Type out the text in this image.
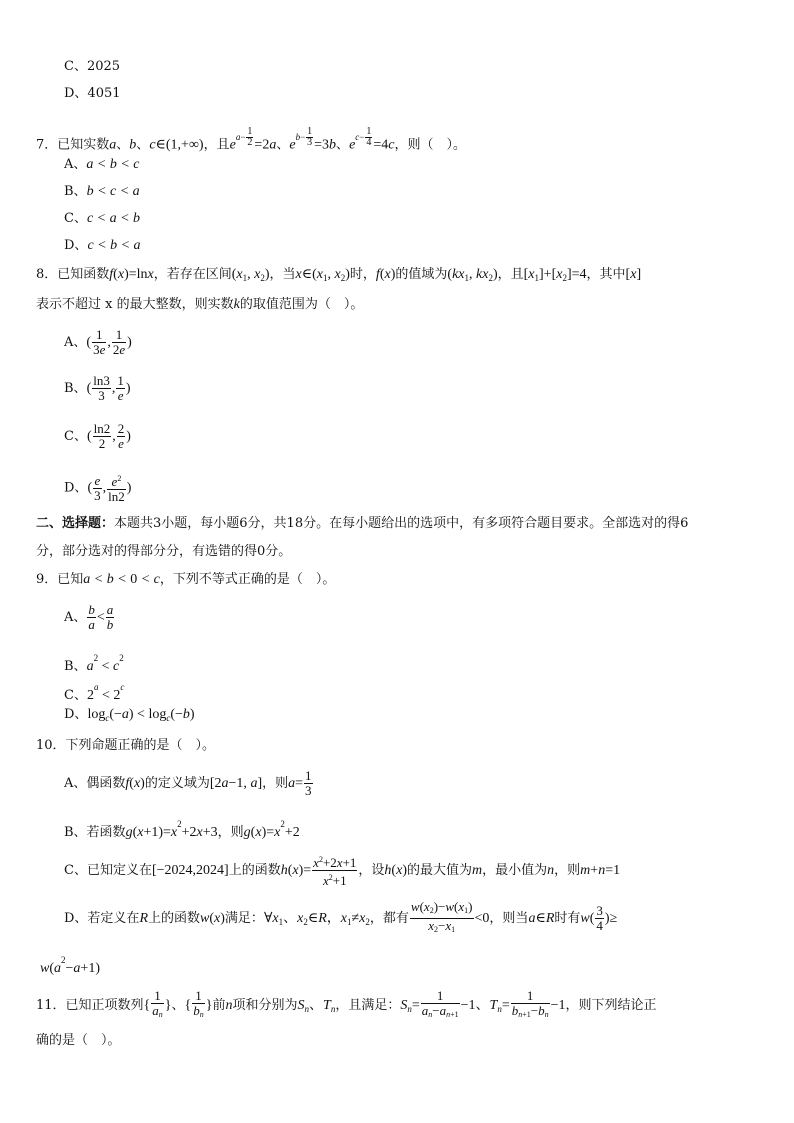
C、2025
D、4051
7．已知实数a、b、c∈(1,+∞)，且$e^{a- \frac{1}{2}} =2a$、$e^{b- \frac{1}{3}} =3b$、$e^{c- \frac{1}{4}} =4c$，则（　）。
A、a < b < c
B、b < c < a
C、c < a < b
D、c < b < a
8．已知函数f(x)=lnx，若存在区间($x_1$, $x_2$)，当$x\in(x_1$, $x_2$)时，f(x)的值域为($kx_1$, $kx_2$)，且$[x_1]+[x_2]=4$，其中[x]
表示不超过 x 的最大整数，则实数k的取值范围为（　）。
A、( $\frac{1}{3e}$ , $\frac{1}{2e}$ )
B、( $\frac{\ln 3}{3}$ , $\frac{1}{e}$ )
C、( $\frac{\ln 2}{2}$ , $\frac{2}{e}$ )
D、( $\frac{e}{3}$ , $\frac{e^2}{\ln 2}$ )
二、选择题：本题共3小题，每小题6分，共18分。在每小题给出的选项中，有多项符合题目要求。全部选对的得6
分，部分选对的得部分分，有选错的得0分。
9．已知a < b < 0 < c，下列不等式正确的是（　）。
A、 $\frac{b}{a} < \frac{a}{b}$
B、$a^2 < c^2$
C、$2^a < 2^c$
D、$\log_c(-a) < \log_c(-b)$
10．下列命题正确的是（　）。
A、偶函数f(x)的定义域为[2a−1, a]，则$a= \frac{1}{3}$
B、若函数$g(x+1)=x^2+2x+3$，则$g(x)=x^2+2$
C、已知定义在[−2024,2024]上的函数$h(x)= \frac{x^2+2x+1}{x^2+1}$ ，设h(x)的最大值为m，最小值为n，则m+n=1
D、若定义在R上的函数w(x)满足：$\forall x_1$、$x_2\in R$，$x_1\ne x_2$，都有 $\frac{w(x2)-w(x1)}{x2-x1} <0$，则当a∈R时有$w( \frac{3}{4}$ )≥
$w(a^2-a+1)$
11．已知正项数列{ $\frac{1}{an}$ }、{ $\frac{1}{bn}$ }前n项和分别为$S_n$、$T_n$，且满足：$S_n= \frac{1}{an-an+1} -1$、$T_n= \frac{1}{bn+1-bn} -1$，则下列结论正
确的是（　）。
